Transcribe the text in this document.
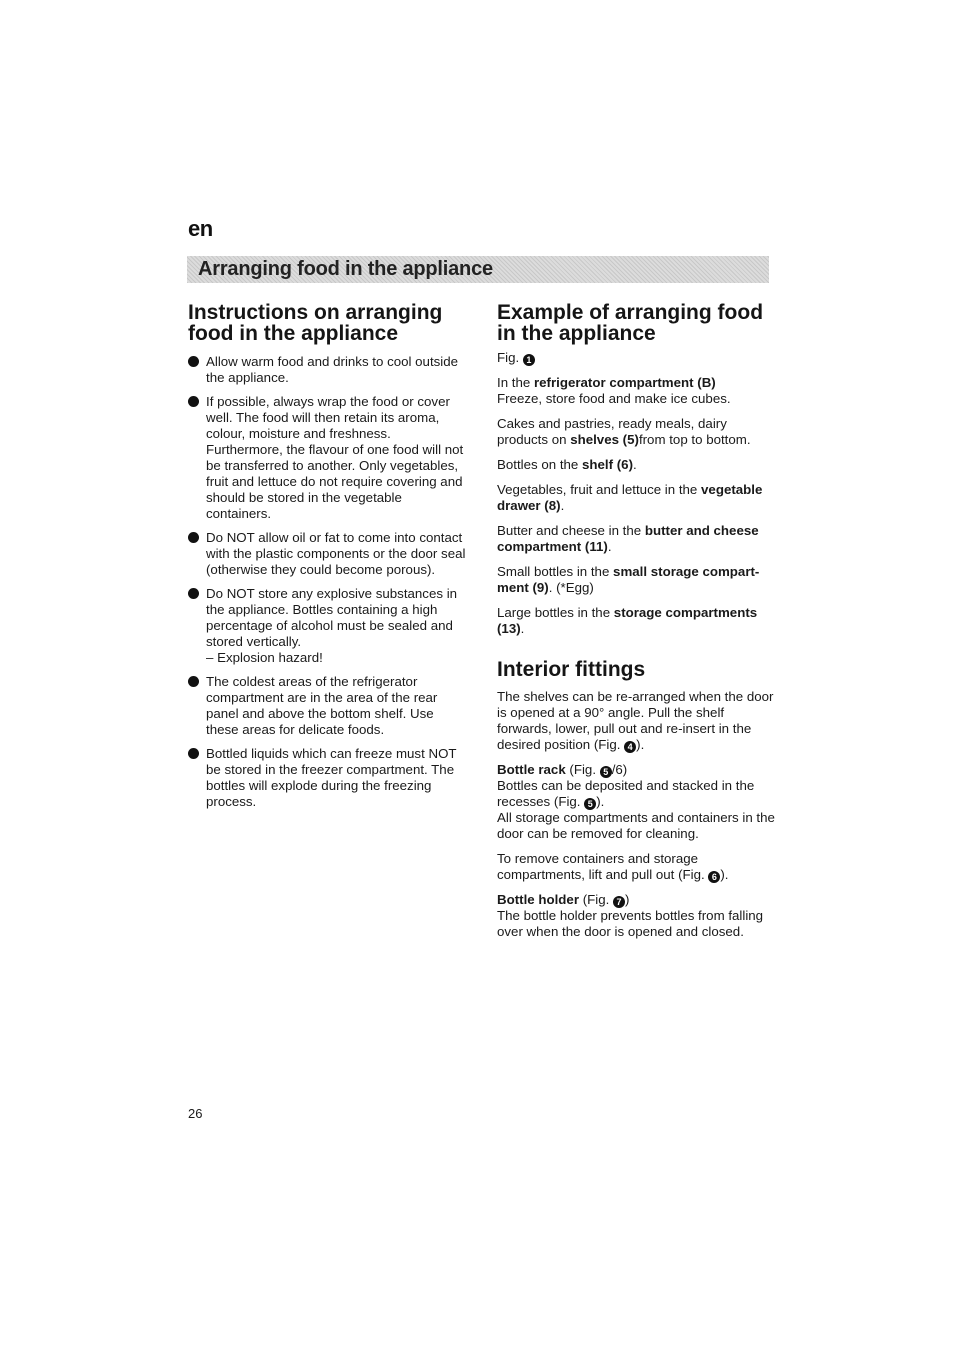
en
Arranging food in the appliance
Instructions on arranging
food in the appliance
Allow warm food and drinks to cool outside the appliance.
If possible, always wrap the food or cover well. The food will then retain its aroma, colour, moisture and freshness. Furthermore, the flavour of one food will not be transferred to another. Only vegetables, fruit and lettuce do not require covering and should be stored in the vegetable containers.
Do NOT allow oil or fat to come into contact with the plastic components or the door seal (otherwise they could become porous).
Do NOT store any explosive substances in the appliance. Bottles containing a high percentage of alcohol must be sealed and stored vertically.
– Explosion hazard!
The coldest areas of the refrigerator compartment are in the area of the rear panel and above the bottom shelf. Use these areas for delicate foods.
Bottled liquids which can freeze must NOT be stored in the freezer compartment. The bottles will explode during the freezing process.
Example of arranging food
in the appliance

Fig. 1

In the refrigerator compartment (B)
Freeze, store food and make ice cubes.

Cakes and pastries, ready meals, dairy products on shelves (5)from top to bottom.

Bottles on the shelf (6).

Vegetables, fruit and lettuce in the vegetable drawer (8).

Butter and cheese in the butter and cheese compartment (11).

Small bottles in the small storage compart-
ment (9). (*Egg)

Large bottles in the storage compartments (13).

Interior fittings

The shelves can be re-arranged when the door is opened at a 90° angle. Pull the shelf forwards, lower, pull out and re-insert in the desired position (Fig. 4 ).

Bottle rack (Fig. 5 /6)
Bottles can be deposited and stacked in the recesses (Fig. 5 ).
All storage compartments and containers in the door can be removed for cleaning.

To remove containers and storage compartments, lift and pull out (Fig. 6 ).

Bottle holder (Fig. 7 )
The bottle holder prevents bottles from falling over when the door is opened and closed.

26
